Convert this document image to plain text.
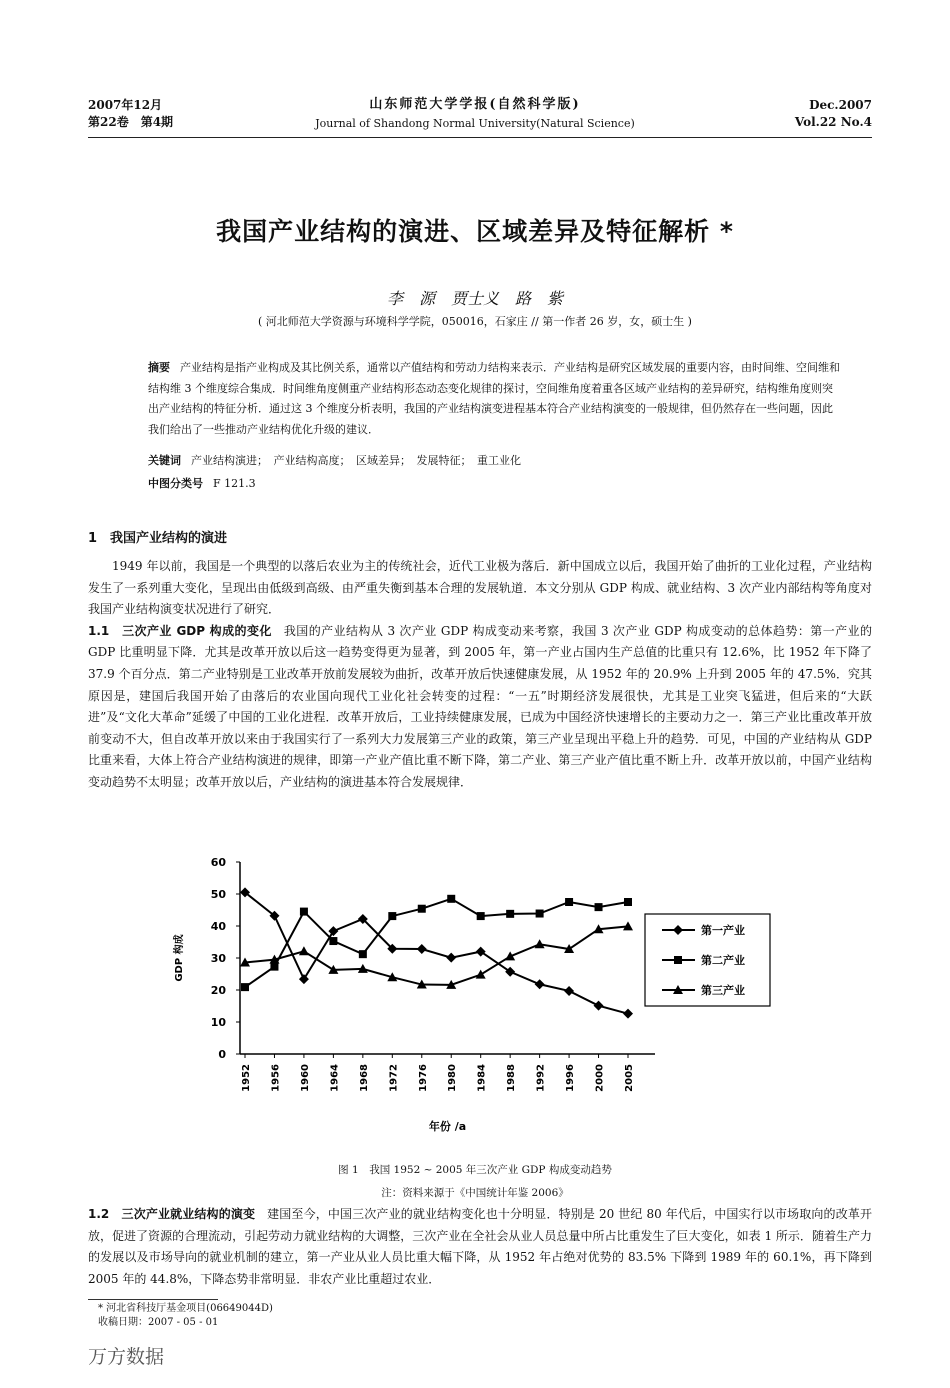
2007年12月
第22卷　第4期
山东师范大学学报(自然科学版)
Journal of Shandong Normal University(Natural Science)
Dec.2007
Vol.22 No.4
我国产业结构的演进、区域差异及特征解析 *
李　源　贾士义　路　紫
( 河北师范大学资源与环境科学学院，050016，石家庄 // 第一作者 26 岁，女，硕士生 )
摘要 产业结构是指产业构成及其比例关系，通常以产值结构和劳动力结构来表示．产业结构是研究区域发展的重要内容，由时间维、空间维和结构维 3 个维度综合集成．时间维角度侧重产业结构形态动态变化规律的探讨，空间维角度着重各区域产业结构的差异研究，结构维角度则突出产业结构的特征分析．通过这 3 个维度分析表明，我国的产业结构演变进程基本符合产业结构演变的一般规律，但仍然存在一些问题，因此我们给出了一些推动产业结构优化升级的建议．
关键词 产业结构演进；　产业结构高度；　区域差异；　发展特征；　重工业化
中图分类号 F 121.3
1　我国产业结构的演进

1949 年以前，我国是一个典型的以落后农业为主的传统社会，近代工业极为落后．新中国成立以后，我国开始了曲折的工业化过程，产业结构发生了一系列重大变化，呈现出由低级到高级、由严重失衡到基本合理的发展轨道．本文分别从 GDP 构成、就业结构、3 次产业内部结构等角度对我国产业结构演变状况进行了研究．

1.1　三次产业 GDP 构成的变化 我国的产业结构从 3 次产业 GDP 构成变动来考察，我国 3 次产业 GDP 构成变动的总体趋势：第一产业的 GDP 比重明显下降．尤其是改革开放以后这一趋势变得更为显著，到 2005 年，第一产业占国内生产总值的比重只有 12.6%，比 1952 年下降了 37.9 个百分点．第二产业特别是工业改革开放前发展较为曲折，改革开放后快速健康发展，从 1952 年的 20.9% 上升到 2005 年的 47.5%．究其原因是，建国后我国开始了由落后的农业国向现代工业化社会转变的过程：“一五”时期经济发展很快，尤其是工业突飞猛进，但后来的“大跃进”及“文化大革命”延缓了中国的工业化进程．改革开放后，工业持续健康发展，已成为中国经济快速增长的主要动力之一．第三产业比重改革开放前变动不大，但自改革开放以来由于我国实行了一系列大力发展第三产业的政策，第三产业呈现出平稳上升的趋势．可见，中国的产业结构从 GDP 比重来看，大体上符合产业结构演进的规律，即第一产业产值比重不断下降，第二产业、第三产业产值比重不断上升．改革开放以前，中国产业结构变动趋势不太明显；改革开放以后，产业结构的演进基本符合发展规律．

0
10
20
30
40
50
60
1952 1956 1960 1964 1968 1972 1976 1980 1984 1988 1992 1996 2000 2005
GDP 构成
年份 /a
第一产业
第二产业
第三产业
图 1　我国 1952 ~ 2005 年三次产业 GDP 构成变动趋势
注：资料来源于《中国统计年鉴 2006》

1.2　三次产业就业结构的演变 建国至今，中国三次产业的就业结构变化也十分明显．特别是 20 世纪 80 年代后，中国实行以市场取向的改革开放，促进了资源的合理流动，引起劳动力就业结构的大调整，三次产业在全社会从业人员总量中所占比重发生了巨大变化，如表 1 所示．随着生产力的发展以及市场导向的就业机制的建立，第一产业从业人员比重大幅下降，从 1952 年占绝对优势的 83.5% 下降到 1989 年的 60.1%，再下降到 2005 年的 44.8%，下降态势非常明显．非农产业比重超过农业．

* 河北省科技厅基金项目(06649044D)
收稿日期：2007 - 05 - 01
万方数据
